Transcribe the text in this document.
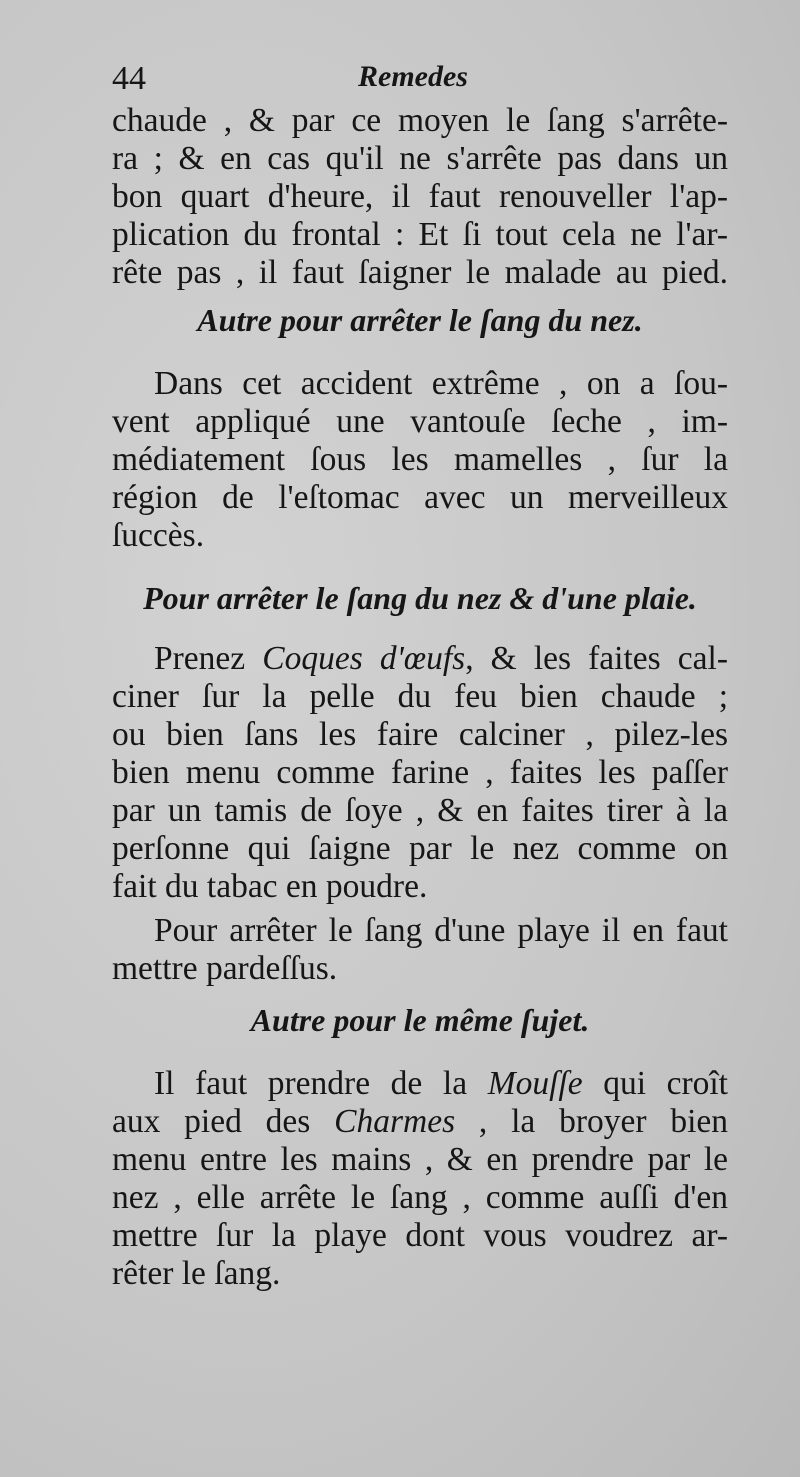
44	Remedes
chaude , & par ce moyen le ſang s'arrête-
ra ; & en cas qu'il ne s'arrête pas dans un
bon quart d'heure, il faut renouveller l'ap-
plication du frontal : Et ſi tout cela ne l'ar-
rête pas , il faut ſaigner le malade au pied.
Autre pour arrêter le ſang du nez.
Dans cet accident extrême , on a ſou-
vent appliqué une vantouſe ſeche , im-
médiatement ſous les mamelles , ſur la
région de l'eſtomac avec un merveilleux
ſuccès.
Pour arrêter le ſang du nez & d'une plaie.
Prenez Coques d'œufs, & les faites cal-
ciner ſur la pelle du feu bien chaude ;
ou bien ſans les faire calciner , pilez-les
bien menu comme farine , faites les paſſer
par un tamis de ſoye , & en faites tirer à la
perſonne qui ſaigne par le nez comme on
fait du tabac en poudre.
Pour arrêter le ſang d'une playe il en faut
mettre pardeſſus.
Autre pour le même ſujet.
Il faut prendre de la Mouſſe qui croît
aux pied des Charmes , la broyer bien
menu entre les mains , & en prendre par le
nez , elle arrête le ſang , comme auſſi d'en
mettre ſur la playe dont vous voudrez ar-
rêter le ſang.
